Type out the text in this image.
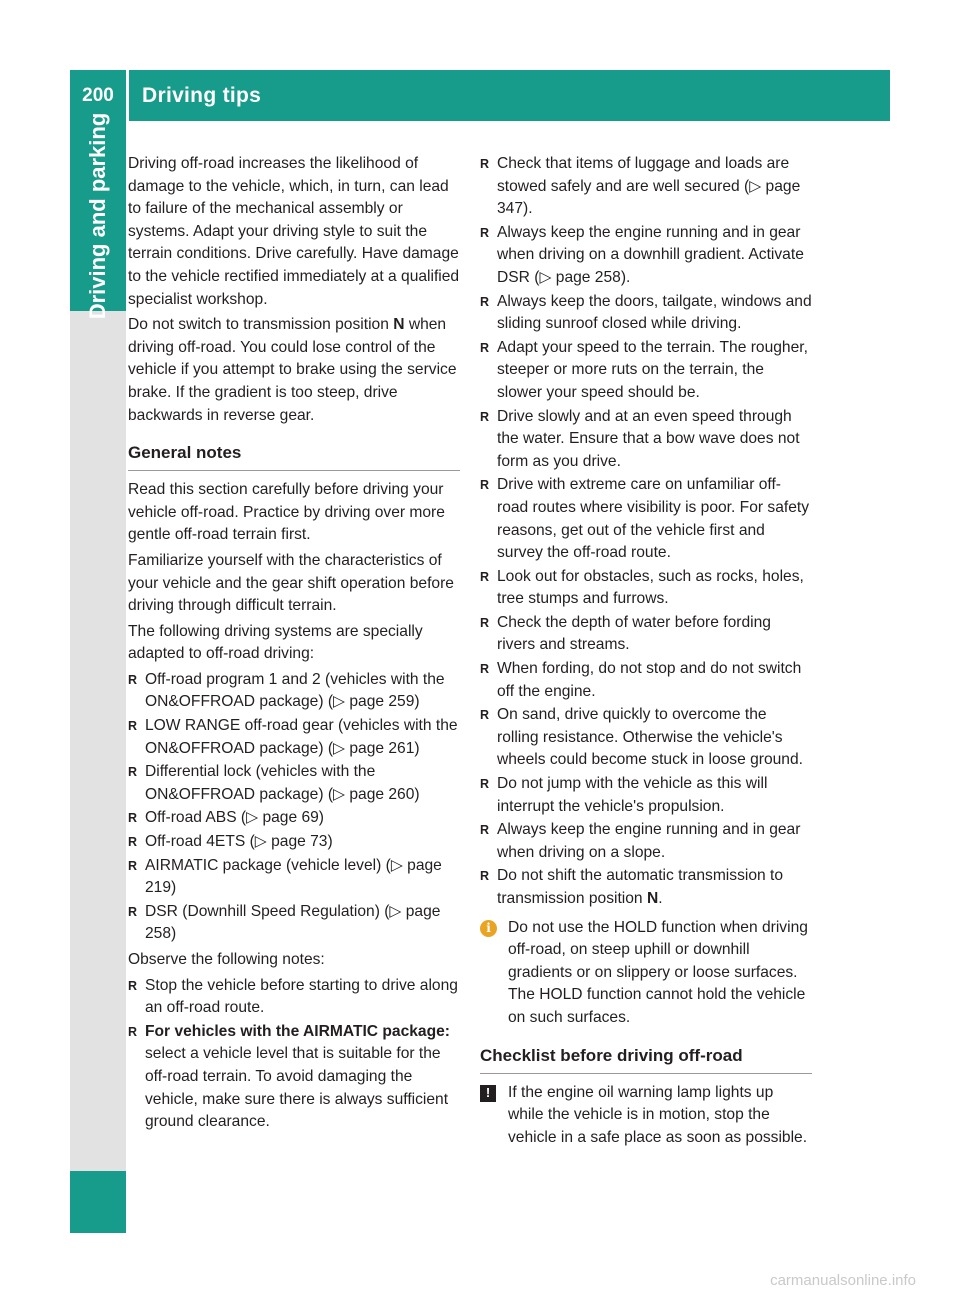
200	Driving tips
Driving and parking Driving off-road increases the likelihood of damage to the vehicle, which, in turn, can lead to failure of the mechanical assembly or systems. Adapt your driving style to suit the terrain conditions. Drive carefully. Have damage to the vehicle rectified immediately at a qualified specialist workshop.

Do not switch to transmission position N when driving off-road. You could lose control of the vehicle if you attempt to brake using the service brake. If the gradient is too steep, drive backwards in reverse gear.

General notes

Read this section carefully before driving your vehicle off-road. Practice by driving over more gentle off-road terrain first.

Familiarize yourself with the characteristics of your vehicle and the gear shift operation before driving through difficult terrain.

The following driving systems are specially adapted to off-road driving:

R Off-road program 1 and 2 (vehicles with the ON&OFFROAD package) (▷ page 259)
R LOW RANGE off-road gear (vehicles with the ON&OFFROAD package) (▷ page 261)
R Differential lock (vehicles with the ON&OFFROAD package) (▷ page 260)
R Off-road ABS (▷ page 69)
R Off-road 4ETS (▷ page 73)
R AIRMATIC package (vehicle level) (▷ page 219)
R DSR (Downhill Speed Regulation) (▷ page 258)

Observe the following notes:

R Stop the vehicle before starting to drive along an off-road route.
R For vehicles with the AIRMATIC package: select a vehicle level that is suitable for the off-road terrain. To avoid damaging the vehicle, make sure there is always sufficient ground clearance.
R Check that items of luggage and loads are stowed safely and are well secured (▷ page 347).
R Always keep the engine running and in gear when driving on a downhill gradient. Activate DSR (▷ page 258).
R Always keep the doors, tailgate, windows and sliding sunroof closed while driving.
R Adapt your speed to the terrain. The rougher, steeper or more ruts on the terrain, the slower your speed should be.
R Drive slowly and at an even speed through the water. Ensure that a bow wave does not form as you drive.
R Drive with extreme care on unfamiliar off-road routes where visibility is poor. For safety reasons, get out of the vehicle first and survey the off-road route.
R Look out for obstacles, such as rocks, holes, tree stumps and furrows.
R Check the depth of water before fording rivers and streams.
R When fording, do not stop and do not switch off the engine.
R On sand, drive quickly to overcome the rolling resistance. Otherwise the vehicle's wheels could become stuck in loose ground.
R Do not jump with the vehicle as this will interrupt the vehicle's propulsion.
R Always keep the engine running and in gear when driving on a slope.
R Do not shift the automatic transmission to transmission position N.
i	Do not use the HOLD function when driving off-road, on steep uphill or downhill gradients or on slippery or loose surfaces. The HOLD function cannot hold the vehicle on such surfaces.
Checklist before driving off-road
!	If the engine oil warning lamp lights up while the vehicle is in motion, stop the vehicle in a safe place as soon as possible.
carmanualsonline.info
